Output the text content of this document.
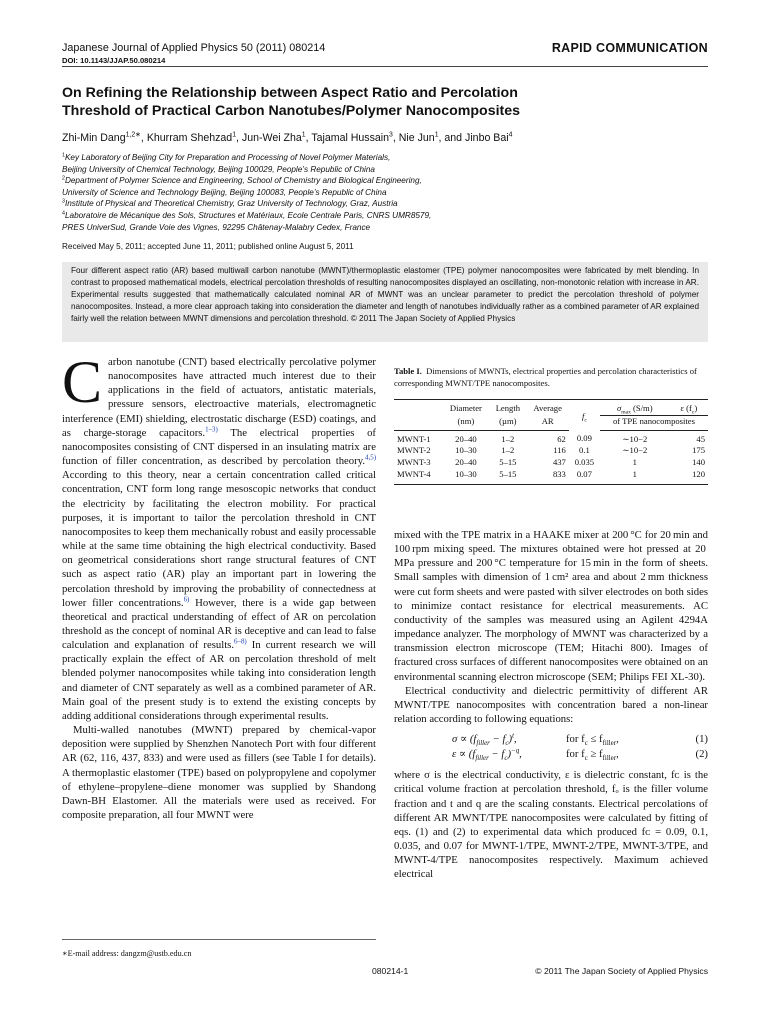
Japanese Journal of Applied Physics 50 (2011) 080214	RAPID COMMUNICATION
DOI: 10.1143/JJAP.50.080214
On Refining the Relationship between Aspect Ratio and Percolation
Threshold of Practical Carbon Nanotubes/Polymer Nanocomposites
Zhi-Min Dang$^{1,2∗}$, Khurram Shehzad$^1$, Jun-Wei Zha$^1$, Tajamal Hussain$^3$, Nie Jun$^1$, and Jinbo Bai$^4$
$^1$Key Laboratory of Beijing City for Preparation and Processing of Novel Polymer Materials,
Beijing University of Chemical Technology, Beijing 100029, People’s Republic of China
$^2$Department of Polymer Science and Engineering, School of Chemistry and Biological Engineering,
University of Science and Technology Beijing, Beijing 100083, People’s Republic of China
$^3$Institute of Physical and Theoretical Chemistry, Graz University of Technology, Graz, Austria
$^4$Laboratoire de Mécanique des Sols, Structures et Matériaux, Ecole Centrale Paris, CNRS UMR8579,
PRES UniverSud, Grande Voie des Vignes, 92295 Châtenay-Malabry Cedex, France
Received May 5, 2011; accepted June 11, 2011; published online August 5, 2011
Four different aspect ratio (AR) based multiwall carbon nanotube (MWNT)/thermoplastic elastomer (TPE) polymer nanocomposites were fabricated by melt blending. In contrast to proposed mathematical models, electrical percolation thresholds of resulting nanocomposites displayed an oscillating, non-monotonic relation with increase in AR. Experimental results suggested that mathematically calculated nominal AR of MWNT was an unclear parameter to predict the percolation threshold of polymer nanocomposites. Instead, a more clear approach taking into consideration the diameter and length of nanotubes individually rather as a combined parameter of AR explained fairly well the relation between MWNT dimensions and percolation threshold. © 2011 The Japan Society of Applied Physics

Carbon nanotube (CNT) based electrically percolative polymer nanocomposites have attracted much interest due to their applications in the field of actuators, antistatic materials, pressure sensors, electroactive materials, electromagnetic interference (EMI) shielding, electrostatic discharge (ESD) coatings, and as charge-storage capacitors.$^{1-3)}$ The electrical properties of nanocomposites consisting of CNT dispersed in an insulating matrix are function of filler concentration, as described by percolation theory.$^{4,5)}$ According to this theory, near a certain concentration called critical concentration, CNT form long range mesoscopic networks that conduct the electricity by facilitating the electron mobility. For practical purposes, it is important to tailor the percolation threshold in CNT nanocomposites to keep them mechanically robust and easily processable while at the same time obtaining the high electrical conductivity. Based on geometrical considerations short range structural features of CNT such as aspect ratio (AR) play an important part in lowering the percolation threshold by improving the probability of connectedness at lower filler concentrations.$^{6)}$ However, there is a wide gap between theoretical and practical understanding of effect of AR on percolation threshold as the concept of nominal AR is deceptive and can lead to false calculation and explanation of results.$^{6-8)}$ In current research we will practically explain the effect of AR on percolation threshold of melt blended polymer nanocomposites while taking into consideration length and diameter of CNT separately as well as a combined parameter of AR. Main goal of the present study is to extend the existing concepts by adding additional considerations through experimental results.

Multi-walled nanotubes (MWNT) prepared by chemical-vapor deposition were supplied by Shenzhen Nanotech Port with four different AR (62, 116, 437, 833) and were used as fillers (see Table I for details). A thermoplastic elastomer (TPE) based on polypropylene and copolymer of ethylene–propylene–diene monomer was supplied by Shandong Dawn-BH Elastomer. All the materials were used as received. For composite preparation, all four MWNT were

Table I. Dimensions of MWNTs, electrical properties and percolation characteristics of corresponding MWNT/TPE nanocomposites.
	Diameter	Length	Average	$f_c$	$\sigma_{max}$ (S/m)	ε $(f_c)$
	(nm)	(µm)	AR		of TPE nanocomposites	
MWNT-1	20–40	1–2	62	0.09	∼10−2	45
MWNT-2	10–30	1–2	116	0.1	∼10−2	175
MWNT-3	20–40	5–15	437	0.035	1	140
MWNT-4	10–30	5–15	833	0.07	1	120

mixed with the TPE matrix in a HAAKE mixer at 200 °C for 20 min and 100 rpm mixing speed. The mixtures obtained were hot pressed at 20 MPa pressure and 200 °C temperature for 15 min in the form of sheets. Small samples with dimension of 1 cm² area and about 2 mm thickness were cut form sheets and were pasted with silver electrodes on both sides to minimize contact resistance for electrical measurements. AC conductivity of the samples was measured using an Agilent 4294A impedance analyzer. The morphology of MWNT was characterized by a transmission electron microscope (TEM; Hitachi 800). Images of fractured cross surfaces of different nanocomposites were obtained on an environmental scanning electron microscope (SEM; Philips FEI XL-30).

Electrical conductivity and dielectric permittivity of different AR MWNT/TPE nanocomposites with concentration bared a non-linear relation according to following equations:

$\sigma \propto (f_{filler} - f_c)^t$,	for $f_c \le f_{filler}$,	(1)
$\varepsilon \propto (f_{filler} - f_c)^{-q}$,	for $f_c \ge f_{filler}$,	(2)

where σ is the electrical conductivity, ε is dielectric constant, fᴄ is the critical volume fraction at percolation threshold, fₒ is the filler volume fraction and t and q are the scaling constants. Electrical percolations of different AR MWNT/TPE nanocomposites were calculated by fitting of eqs. (1) and (2) to experimental data which produced fᴄ = 0.09, 0.1, 0.035, and 0.07 for MWNT-1/TPE, MWNT-2/TPE, MWNT-3/TPE, and MWNT-4/TPE nanocomposites respectively. Maximum achieved electrical

∗E-mail address: dangzm@ustb.edu.cn
080214-1	© 2011 The Japan Society of Applied Physics
